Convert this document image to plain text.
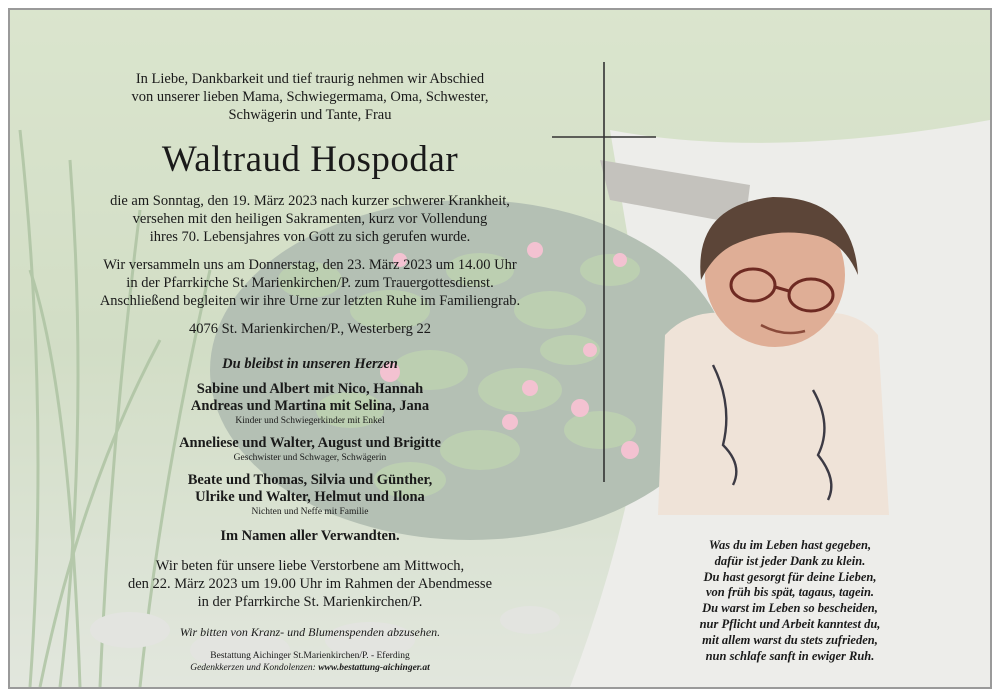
In Liebe, Dankbarkeit und tief traurig nehmen wir Abschied
von unserer lieben Mama, Schwiegermama, Oma, Schwester,
Schwägerin und Tante, Frau
Waltraud Hospodar
die am Sonntag, den 19. März 2023 nach kurzer schwerer Krankheit,
versehen mit den heiligen Sakramenten, kurz vor Vollendung
ihres 70. Lebensjahres von Gott zu sich gerufen wurde.
Wir versammeln uns am Donnerstag, den 23. März 2023 um 14.00 Uhr
in der Pfarrkirche St. Marienkirchen/P. zum Trauergottesdienst.
Anschließend begleiten wir ihre Urne zur letzten Ruhe im Familiengrab.
4076 St. Marienkirchen/P., Westerberg 22
Du bleibst in unseren Herzen
Sabine und Albert mit Nico, Hannah
Andreas und Martina mit Selina, Jana
Kinder und Schwiegerkinder mit Enkel
Anneliese und Walter, August und Brigitte
Geschwister und Schwager, Schwägerin
Beate und Thomas, Silvia und Günther,
Ulrike und Walter, Helmut und Ilona
Nichten und Neffe mit Familie
Im Namen aller Verwandten.
Wir beten für unsere liebe Verstorbene am Mittwoch,
den 22. März 2023 um 19.00 Uhr im Rahmen der Abendmesse
in der Pfarrkirche St. Marienkirchen/P.
Wir bitten von Kranz- und Blumenspenden abzusehen.
Bestattung Aichinger St.Marienkirchen/P. - Eferding
Gedenkkerzen und Kondolenzen: www.bestattung-aichinger.at
Was du im Leben hast gegeben,
dafür ist jeder Dank zu klein.
Du hast gesorgt für deine Lieben,
von früh bis spät, tagaus, tagein.
Du warst im Leben so bescheiden,
nur Pflicht und Arbeit kanntest du,
mit allem warst du stets zufrieden,
nun schlafe sanft in ewiger Ruh.
